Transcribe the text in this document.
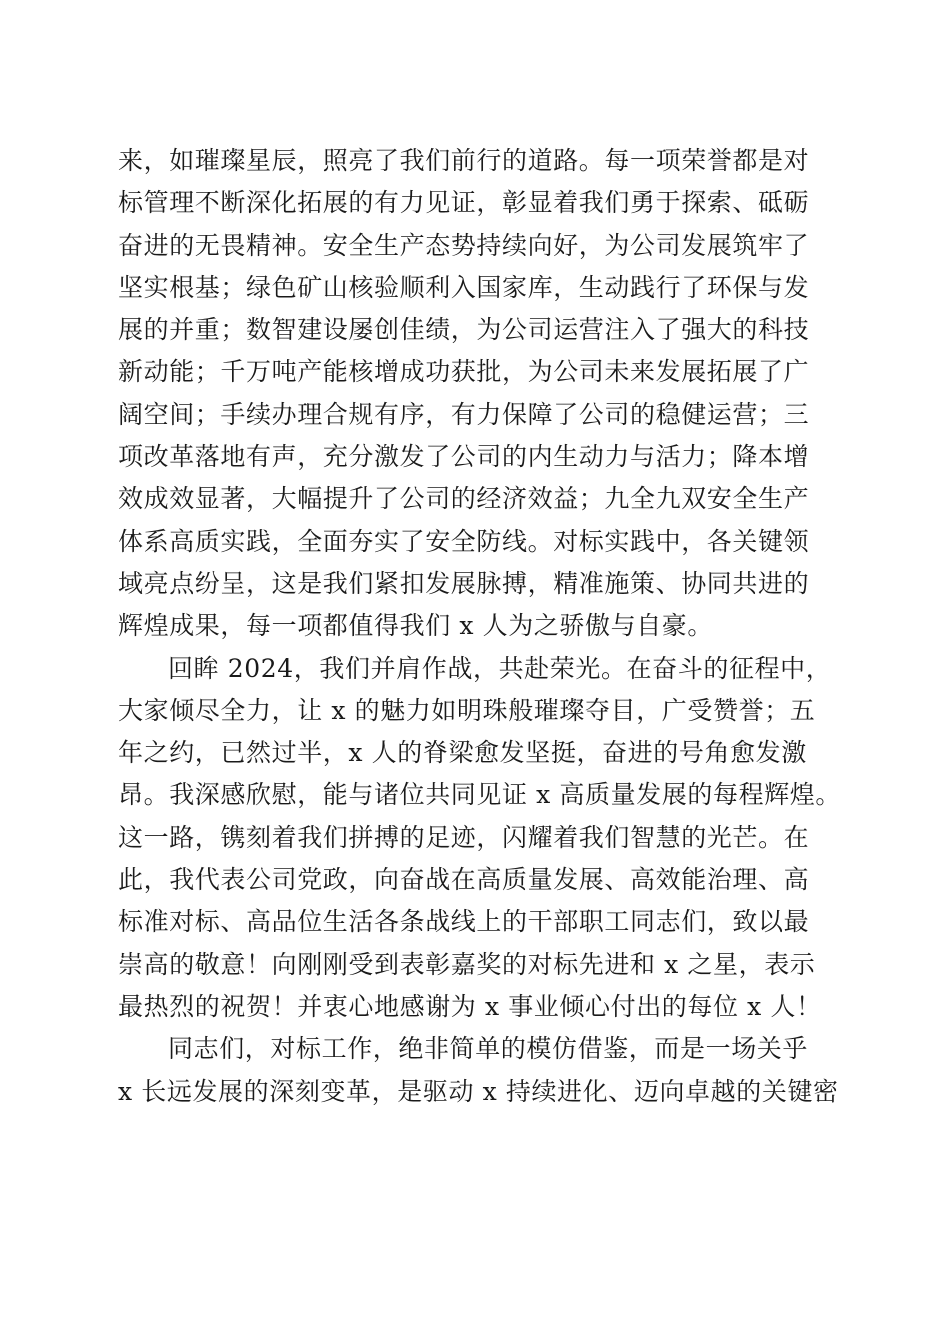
来，如璀璨星辰，照亮了我们前行的道路。每一项荣誉都是对
标管理不断深化拓展的有力见证，彰显着我们勇于探索、砥砺
奋进的无畏精神。安全生产态势持续向好，为公司发展筑牢了
坚实根基；绿色矿山核验顺利入国家库，生动践行了环保与发
展的并重；数智建设屡创佳绩，为公司运营注入了强大的科技
新动能；千万吨产能核增成功获批，为公司未来发展拓展了广
阔空间；手续办理合规有序，有力保障了公司的稳健运营；三
项改革落地有声，充分激发了公司的内生动力与活力；降本增
效成效显著，大幅提升了公司的经济效益；九全九双安全生产
体系高质实践，全面夯实了安全防线。对标实践中，各关键领
域亮点纷呈，这是我们紧扣发展脉搏，精准施策、协同共进的
辉煌成果，每一项都值得我们 x 人为之骄傲与自豪。
回眸 2024，我们并肩作战，共赴荣光。在奋斗的征程中，
大家倾尽全力，让 x 的魅力如明珠般璀璨夺目，广受赞誉；五
年之约，已然过半，x 人的脊梁愈发坚挺，奋进的号角愈发激
昂。我深感欣慰，能与诸位共同见证 x 高质量发展的每程辉煌。
这一路，镌刻着我们拼搏的足迹，闪耀着我们智慧的光芒。在
此，我代表公司党政，向奋战在高质量发展、高效能治理、高
标准对标、高品位生活各条战线上的干部职工同志们，致以最
崇高的敬意！向刚刚受到表彰嘉奖的对标先进和 x 之星，表示
最热烈的祝贺！并衷心地感谢为 x 事业倾心付出的每位 x 人！
同志们，对标工作，绝非简单的模仿借鉴，而是一场关乎
x 长远发展的深刻变革，是驱动 x 持续进化、迈向卓越的关键密
